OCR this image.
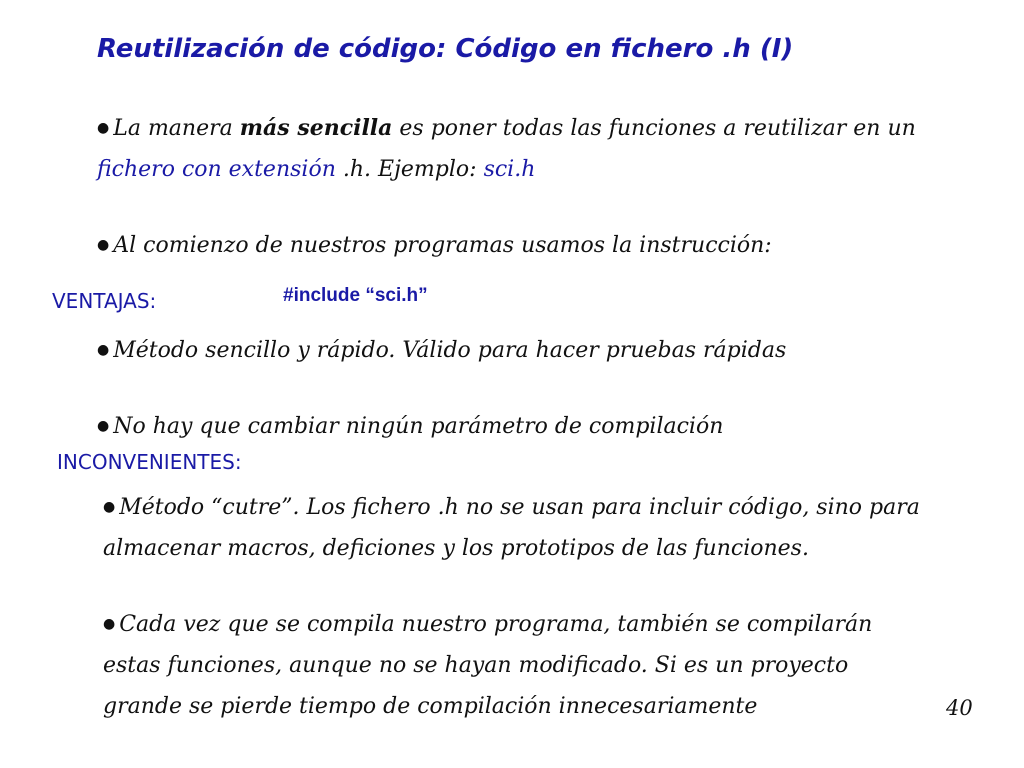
Reutilización de código: Código en fichero .h (I)
● La manera más sencilla es poner todas las funciones a reutilizar en un fichero con extensión .h. Ejemplo: sci.h
● Al comienzo de nuestros programas usamos la instrucción:
#include “sci.h”
VENTAJAS:
● Método sencillo y rápido. Válido para hacer pruebas rápidas
● No hay que cambiar ningún parámetro de compilación
INCONVENIENTES:
● Método “cutre”. Los fichero .h no se usan para incluir código, sino para almacenar macros, deficiones y los prototipos de las funciones.
● Cada vez que se compila nuestro programa, también se compilarán estas funciones, aunque no se hayan modificado. Si es un proyecto grande se pierde tiempo de compilación innecesariamente	40
